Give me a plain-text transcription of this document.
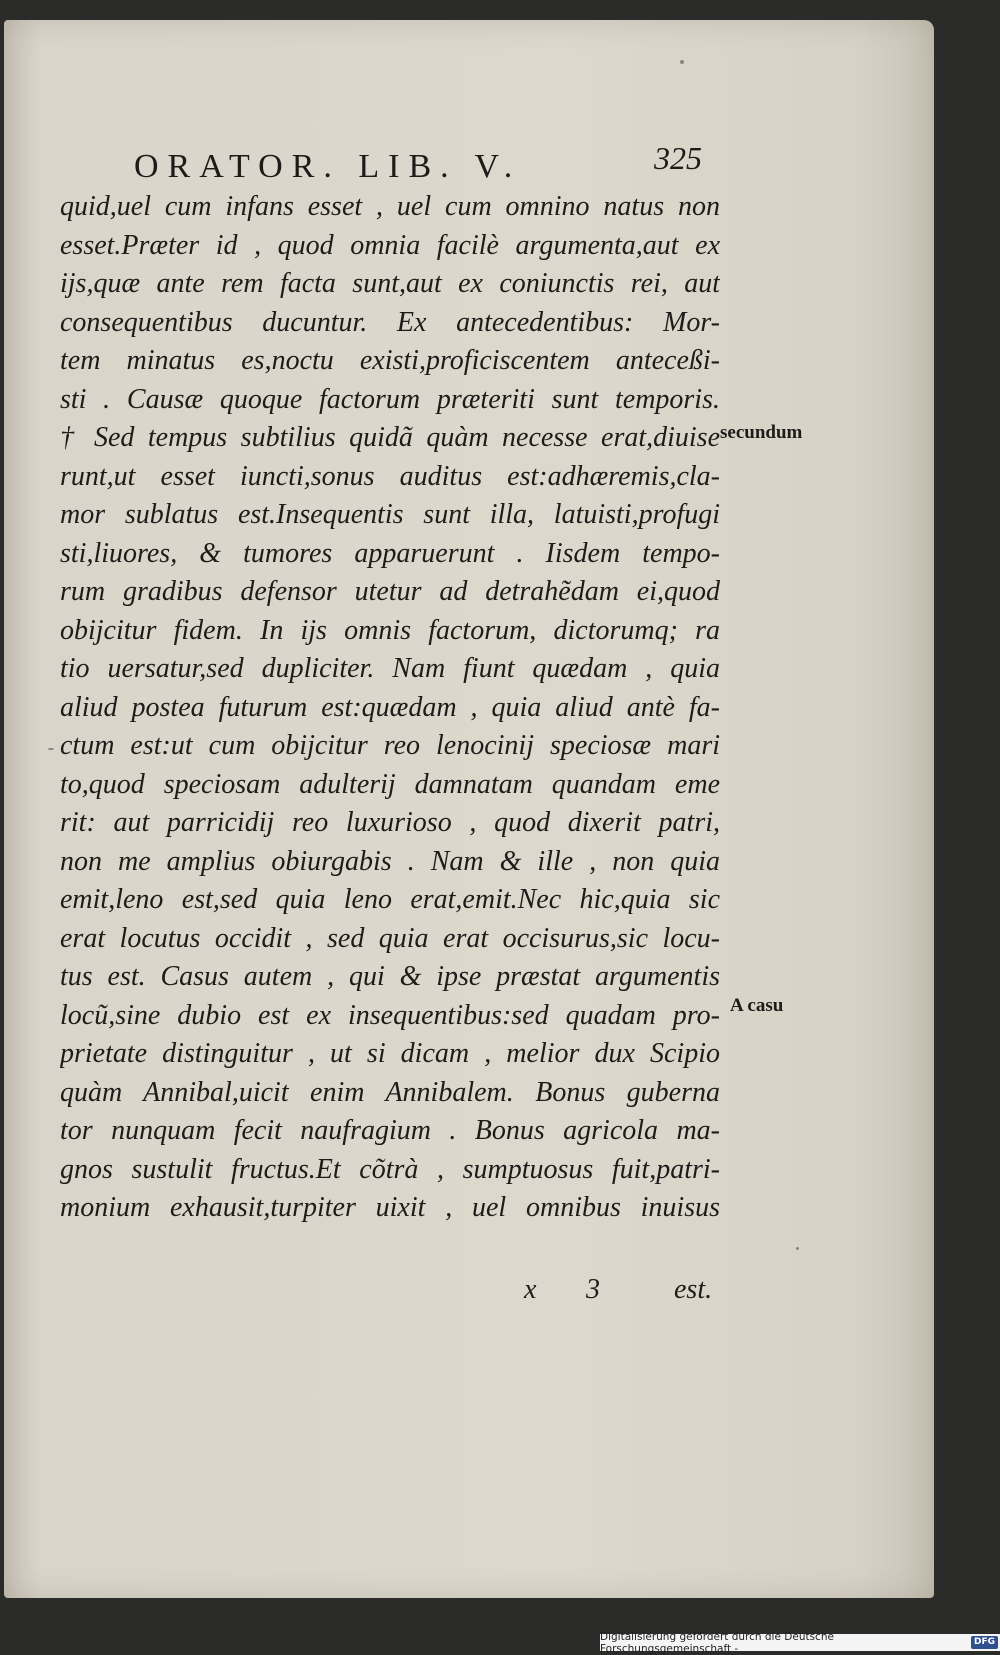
ORATOR. LIB. V.	325
quid,uel cum infans esset , uel cum omnino natus non
esset.Præter id , quod omnia facilè argumenta,aut ex
ijs,quæ ante rem facta sunt,aut ex coniunctis rei, aut
consequentibus ducuntur. Ex antecedentibus: Mor-
tem minatus es,noctu existi,proficiscentem anteceßi-
sti . Causæ quoque factorum præteriti sunt temporis.
† Sed tempus subtilius quidã quàm necesse erat,diuise
runt,ut esset iuncti,sonus auditus est:adhæremis,cla-
mor sublatus est.Insequentis sunt illa, latuisti,profugi
sti,liuores, & tumores apparuerunt . Iisdem tempo-
rum gradibus defensor utetur ad detrahẽdam ei,quod
obijcitur fidem. In ijs omnis factorum, dictorumq; ra
tio uersatur,sed dupliciter. Nam fiunt quædam , quia
aliud postea futurum est:quædam , quia aliud antè fa-
ctum est:ut cum obijcitur reo lenocinij speciosæ mari
to,quod speciosam adulterij damnatam quandam eme
rit: aut parricidij reo luxurioso , quod dixerit patri,
non me amplius obiurgabis . Nam & ille , non quia
emit,leno est,sed quia leno erat,emit.Nec hic,quia sic
erat locutus occidit , sed quia erat occisurus,sic locu-
tus est. Casus autem , qui & ipse præstat argumentis
locũ,sine dubio est ex insequentibus:sed quadam pro-
prietate distinguitur , ut si dicam , melior dux Scipio
quàm Annibal,uicit enim Annibalem. Bonus guberna
tor nunquam fecit naufragium . Bonus agricola ma-
gnos sustulit fructus.Et cõtrà , sumptuosus fuit,patri-
monium exhausit,turpiter uixit , uel omnibus inuisus
secundum
A casu
x 3	est.
Digitalisierung gefördert durch die Deutsche Forschungsgemeinschaft -
DFG
